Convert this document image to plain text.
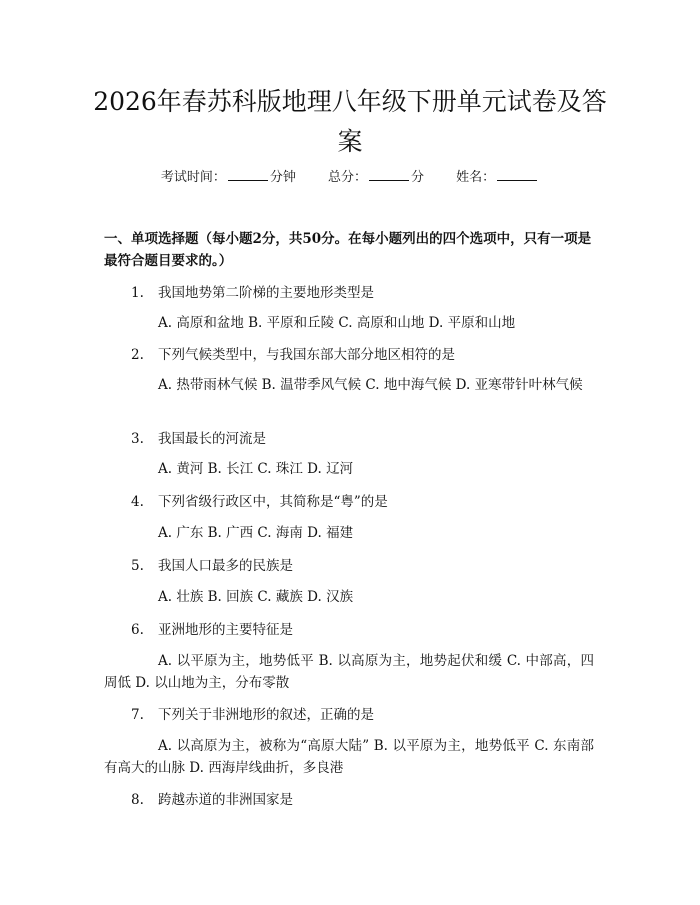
2026年春苏科版地理八年级下册单元试卷及答案
考试时间：	分钟 总分：	分 姓名：

一、单项选择题（每小题2分，共50分。在每小题列出的四个选项中，只有一项是最符合题目要求的。）

1. 我国地势第二阶梯的主要地形类型是
A. 高原和盆地 B. 平原和丘陵 C. 高原和山地 D. 平原和山地
2. 下列气候类型中，与我国东部大部分地区相符的是
A. 热带雨林气候 B. 温带季风气候 C. 地中海气候 D. 亚寒带针叶林气候
3. 我国最长的河流是
A. 黄河 B. 长江 C. 珠江 D. 辽河
4. 下列省级行政区中，其简称是“粤”的是
A. 广东 B. 广西 C. 海南 D. 福建
5. 我国人口最多的民族是
A. 壮族 B. 回族 C. 藏族 D. 汉族
6. 亚洲地形的主要特征是
A. 以平原为主，地势低平 B. 以高原为主，地势起伏和缓 C. 中部高，四周低 D. 以山地为主，分布零散
7. 下列关于非洲地形的叙述，正确的是
A. 以高原为主，被称为“高原大陆” B. 以平原为主，地势低平 C. 东南部有高大的山脉 D. 西海岸线曲折，多良港
8. 跨越赤道的非洲国家是
